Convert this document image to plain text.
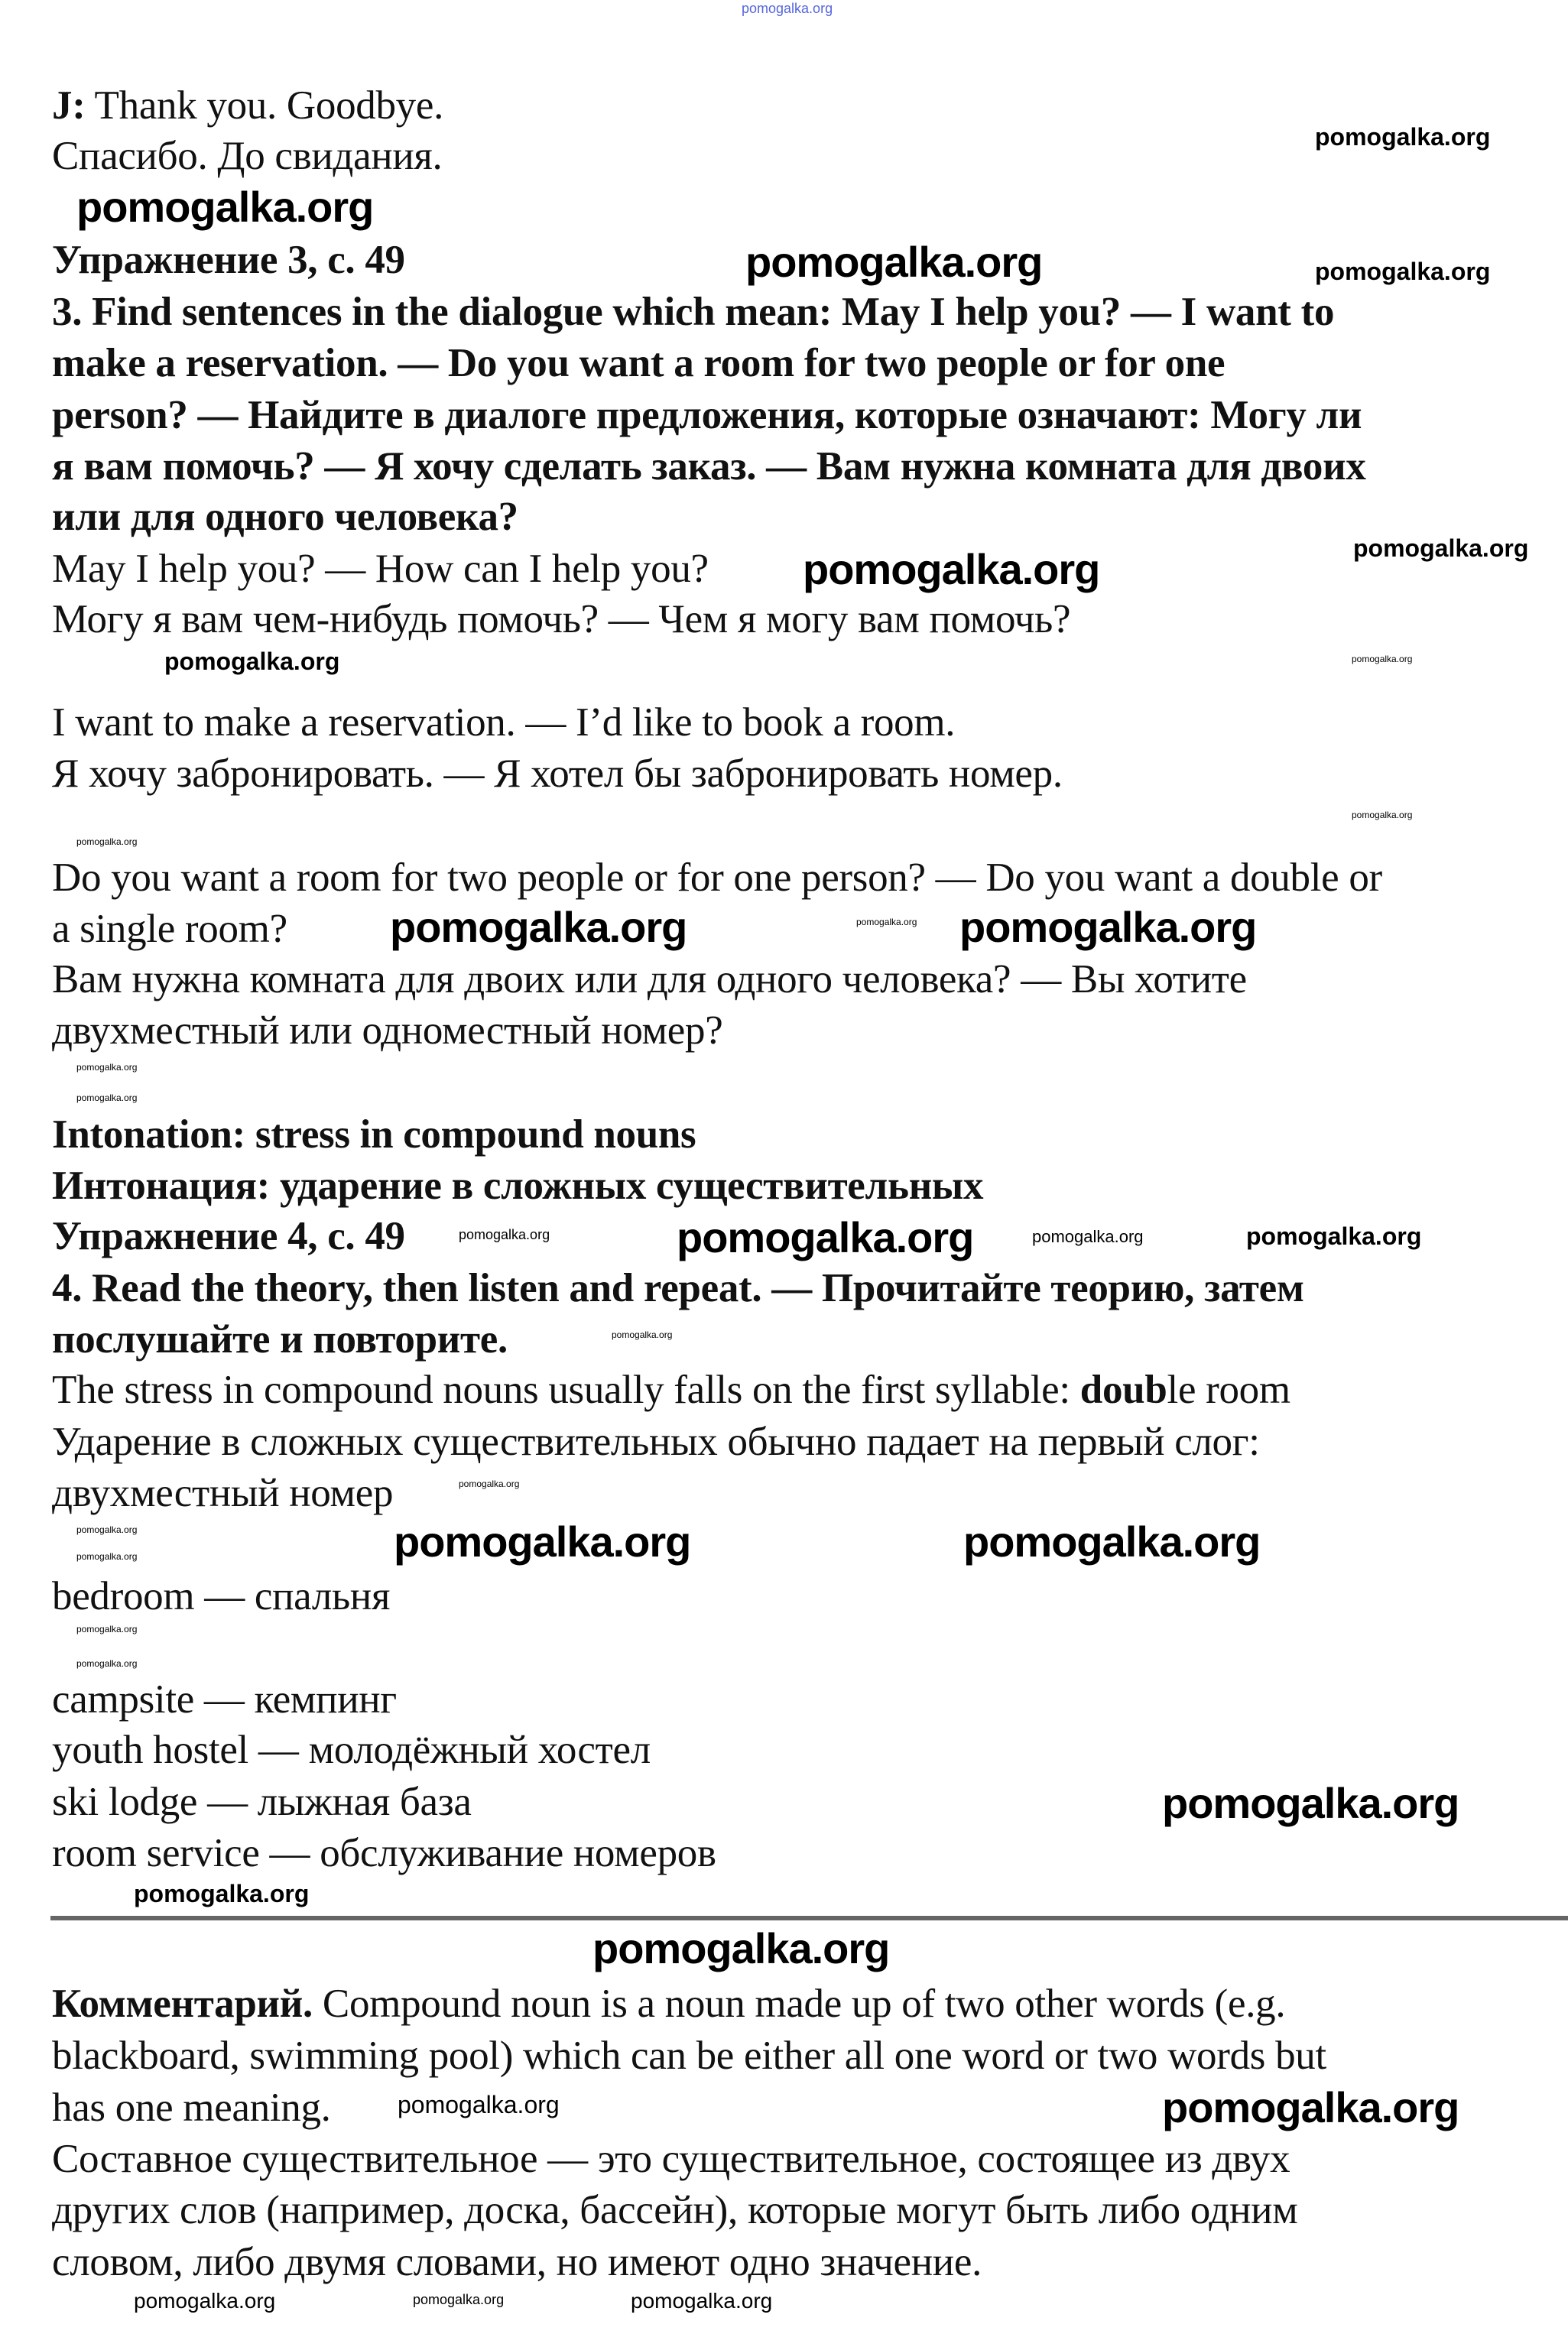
pomogalka.org
J: Thank you. Goodbye.
Спасибо. До свидания.
Упражнение 3, с. 49
3. Find sentences in the dialogue which mean: May I help you? — I want to
make a reservation. — Do you want a room for two people or for one
person? — Найдите в диалоге предложения, которые означают: Могу ли
я вам помочь? — Я хочу сделать заказ. — Вам нужна комната для двоих
или для одного человека?
May I help you? — How can I help you?
Могу я вам чем-нибудь помочь? — Чем я могу вам помочь?
I want to make a reservation. — I’d like to book a room.
Я хочу забронировать. — Я хотел бы забронировать номер.
Do you want a room for two people or for one person? — Do you want a double or
a single room?
Вам нужна комната для двоих или для одного человека? — Вы хотите
двухместный или одноместный номер?
Intonation: stress in compound nouns
Интонация: ударение в сложных существительных
Упражнение 4, с. 49
4. Read the theory, then listen and repeat. — Прочитайте теорию, затем
послушайте и повторите.
The stress in compound nouns usually falls on the first syllable: double room
Ударение в сложных существительных обычно падает на первый слог:
двухместный номер
bedroom — спальня
campsite — кемпинг
youth hostel — молодёжный хостел
ski lodge — лыжная база
room service — обслуживание номеров
Комментарий. Compound noun is a noun made up of two other words (e.g.
blackboard, swimming pool) which can be either all one word or two words but
has one meaning.
Составное существительное — это существительное, состоящее из двух
других слов (например, доска, бассейн), которые могут быть либо одним
словом, либо двумя словами, но имеют одно значение.
pomogalka.org
pomogalka.org
pomogalka.org
pomogalka.org	pomogalka.org
pomogalka.org
pomogalka.org	pomogalka.org
pomogalka.org
pomogalka.org
pomogalka.org
pomogalka.org
pomogalka.org
pomogalka.org
pomogalka.org
pomogalka.org
pomogalka.org
pomogalka.org
pomogalka.org	pomogalka.org
pomogalka.org
pomogalka.org
pomogalka.org
pomogalka.org
pomogalka.org
pomogalka.org
pomogalka.org
pomogalka.org
pomogalka.org
pomogalka.org
pomogalka.org
pomogalka.org
pomogalka.org
pomogalka.org
pomogalka.org
